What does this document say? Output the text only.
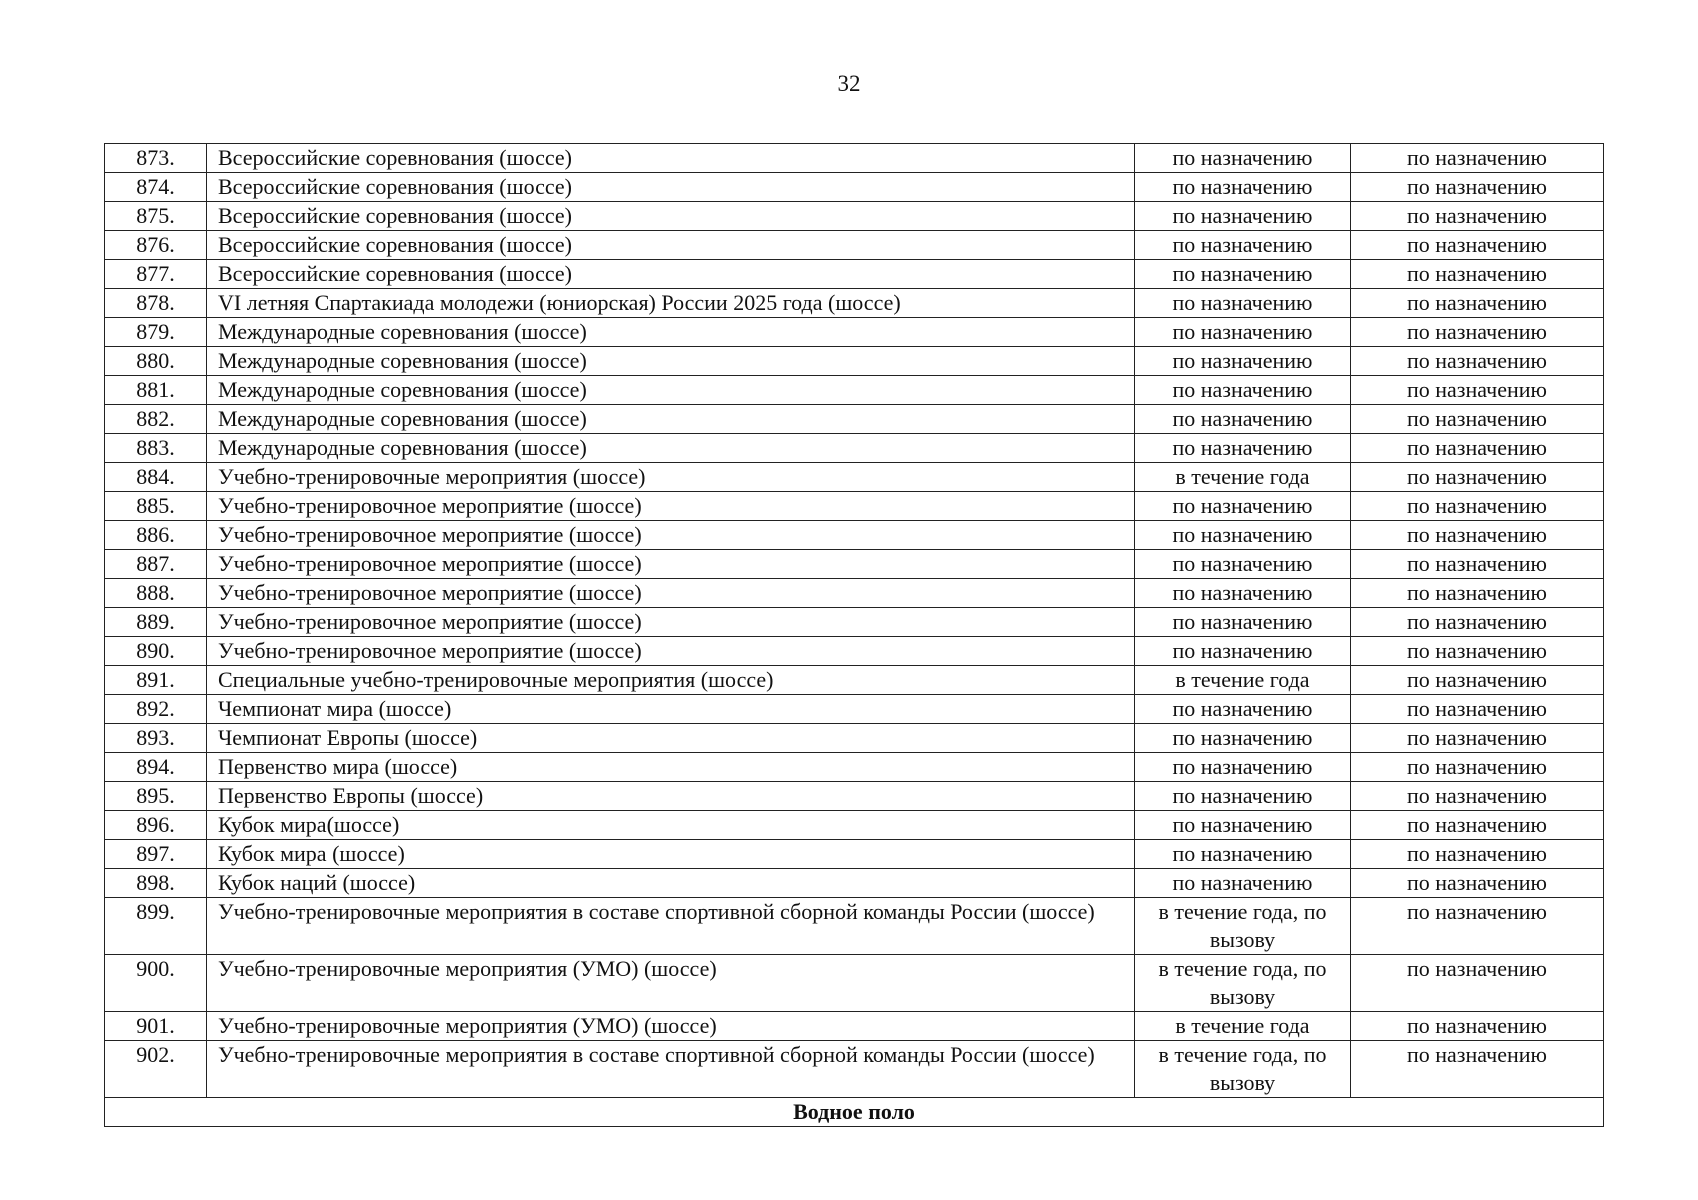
32
873.	Всероссийские соревнования (шоссе)	по назначению	по назначению
874.	Всероссийские соревнования (шоссе)	по назначению	по назначению
875.	Всероссийские соревнования (шоссе)	по назначению	по назначению
876.	Всероссийские соревнования (шоссе)	по назначению	по назначению
877.	Всероссийские соревнования (шоссе)	по назначению	по назначению
878.	VI летняя Спартакиада молодежи (юниорская) России 2025 года (шоссе)	по назначению	по назначению
879.	Международные соревнования (шоссе)	по назначению	по назначению
880.	Международные соревнования (шоссе)	по назначению	по назначению
881.	Международные соревнования (шоссе)	по назначению	по назначению
882.	Международные соревнования (шоссе)	по назначению	по назначению
883.	Международные соревнования (шоссе)	по назначению	по назначению
884.	Учебно-тренировочные мероприятия (шоссе)	в течение года	по назначению
885.	Учебно-тренировочное мероприятие (шоссе)	по назначению	по назначению
886.	Учебно-тренировочное мероприятие (шоссе)	по назначению	по назначению
887.	Учебно-тренировочное мероприятие (шоссе)	по назначению	по назначению
888.	Учебно-тренировочное мероприятие (шоссе)	по назначению	по назначению
889.	Учебно-тренировочное мероприятие (шоссе)	по назначению	по назначению
890.	Учебно-тренировочное мероприятие (шоссе)	по назначению	по назначению
891.	Специальные учебно-тренировочные мероприятия (шоссе)	в течение года	по назначению
892.	Чемпионат мира (шоссе)	по назначению	по назначению
893.	Чемпионат Европы (шоссе)	по назначению	по назначению
894.	Первенство мира (шоссе)	по назначению	по назначению
895.	Первенство Европы (шоссе)	по назначению	по назначению
896.	Кубок мира(шоссе)	по назначению	по назначению
897.	Кубок мира (шоссе)	по назначению	по назначению
898.	Кубок наций (шоссе)	по назначению	по назначению
899.	Учебно-тренировочные мероприятия в составе спортивной сборной команды России (шоссе)	в течение года, по вызову	по назначению
900.	Учебно-тренировочные мероприятия (УМО) (шоссе)	в течение года, по вызову	по назначению
901.	Учебно-тренировочные мероприятия (УМО) (шоссе)	в течение года	по назначению
902.	Учебно-тренировочные мероприятия в составе спортивной сборной команды России (шоссе)	в течение года, по вызову	по назначению
Водное поло			
